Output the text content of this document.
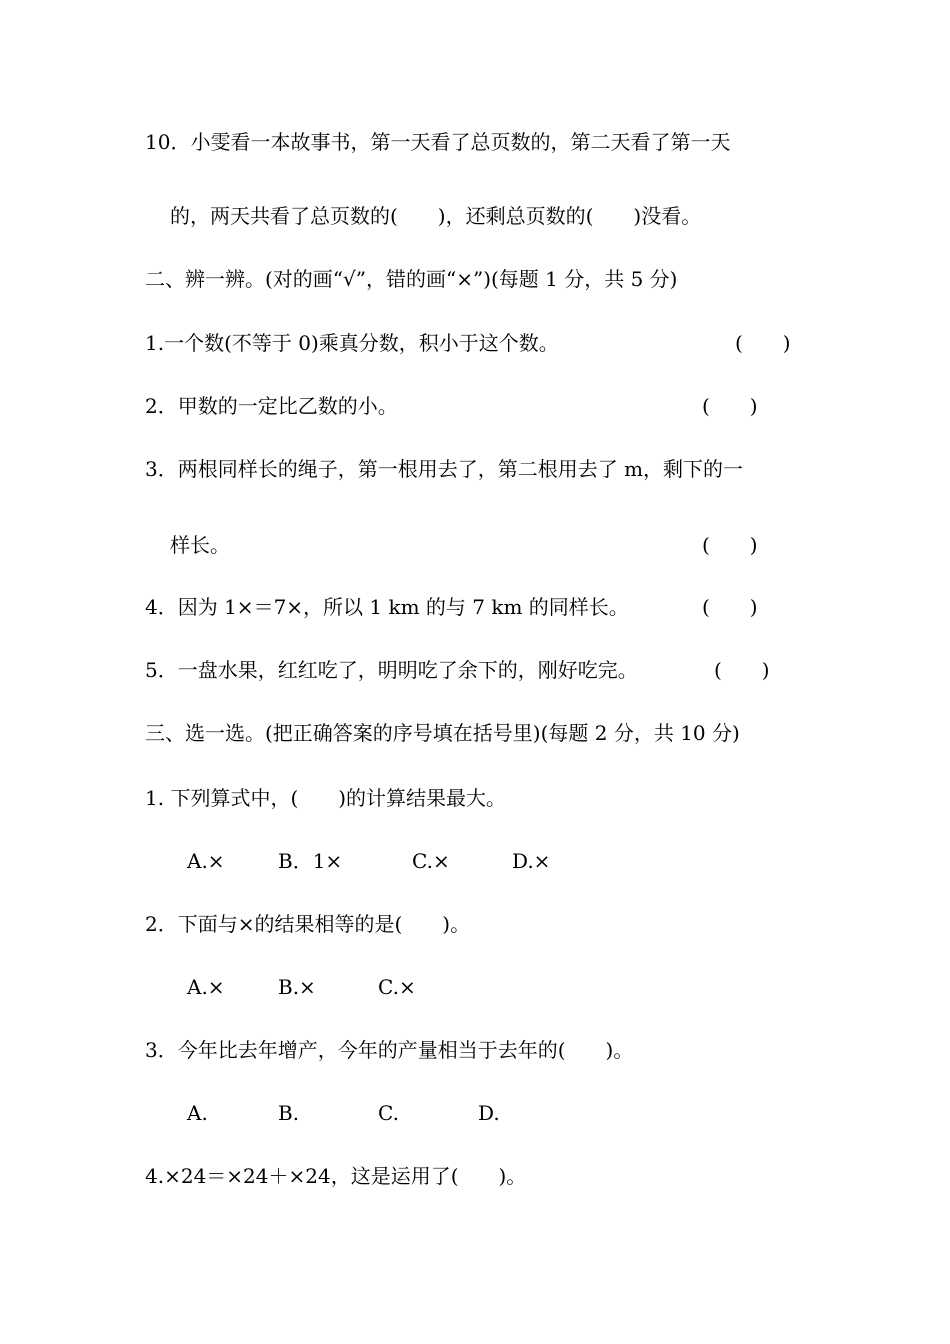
10．小雯看一本故事书，第一天看了总页数的，第二天看了第一天
的，两天共看了总页数的(　　)，还剩总页数的(　　)没看。
二、辨一辨。(对的画“√”，错的画“×”)(每题 1 分，共 5 分)
1.一个数(不等于 0)乘真分数，积小于这个数。	(　　)
2．甲数的一定比乙数的小。	(　　)
3．两根同样长的绳子，第一根用去了，第二根用去了 m，剩下的一
样长。	(　　)
4．因为 1×＝7×，所以 1 km 的与 7 km 的同样长。	(　　)
5．一盘水果，红红吃了，明明吃了余下的，刚好吃完。	(　　)
三、选一选。(把正确答案的序号填在括号里)(每题 2 分，共 10 分)
1. 下列算式中，(　　)的计算结果最大。
A.×	B．1×	C.×	D.×
2．下面与×的结果相等的是(　　)。
A.×	B.×	C.×
3．今年比去年增产，今年的产量相当于去年的(　　)。
A.	B.	C.	D.
4.×24＝×24＋×24，这是运用了(　　)。
